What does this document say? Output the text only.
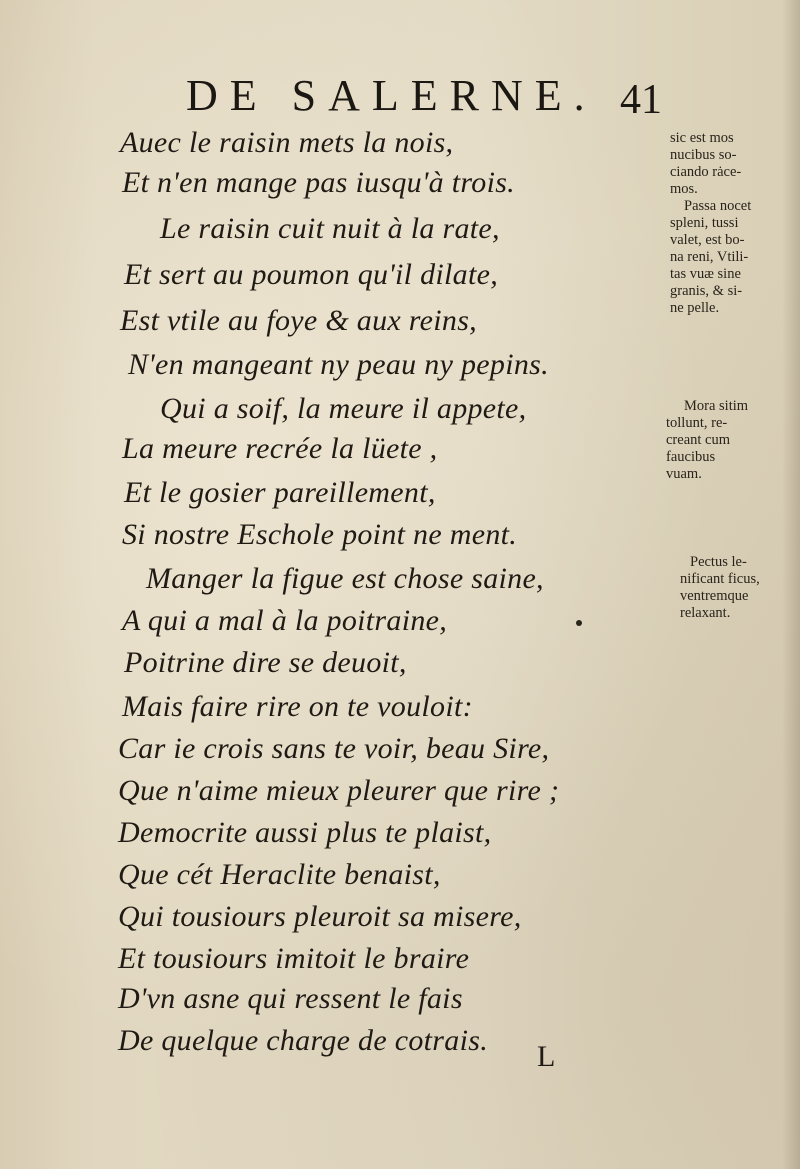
DE SALERNE. 41
Auec le raisin mets la nois,
Et n'en mange pas iusqu'à trois.
Le raisin cuit nuit à la rate,
Et sert au poumon qu'il dilate,
Est vtile au foye & aux reins,
N'en mangeant ny peau ny pepins.
Qui a soif, la meure il appete,
La meure recrée la lüete ,
Et le gosier pareillement,
Si nostre Eschole point ne ment.
Manger la figue est chose saine,
A qui a mal à la poitraine,
Poitrine dire se deuoit,
Mais faire rire on te vouloit:
Car ie crois sans te voir, beau Sire,
Que n'aime mieux pleurer que rire ;
Democrite aussi plus te plaist,
Que cét Heraclite benaist,
Qui tousiours pleuroit sa misere,
Et tousiours imitoit le braire
D'vn asne qui ressent le fais
De quelque charge de cotrais.
sic est mos
nucibus so-
ciando rȧce-
mos.
Passa nocet
spleni, tussi
valet, est bo-
na reni, Vtili-
tas vuæ sine
granis, & si-
ne pelle.
Mora sitim
tollunt, re-
creant cum
faucibus
vuam.
Pectus le-
nificant ficus,
ventremque
relaxant.
L
